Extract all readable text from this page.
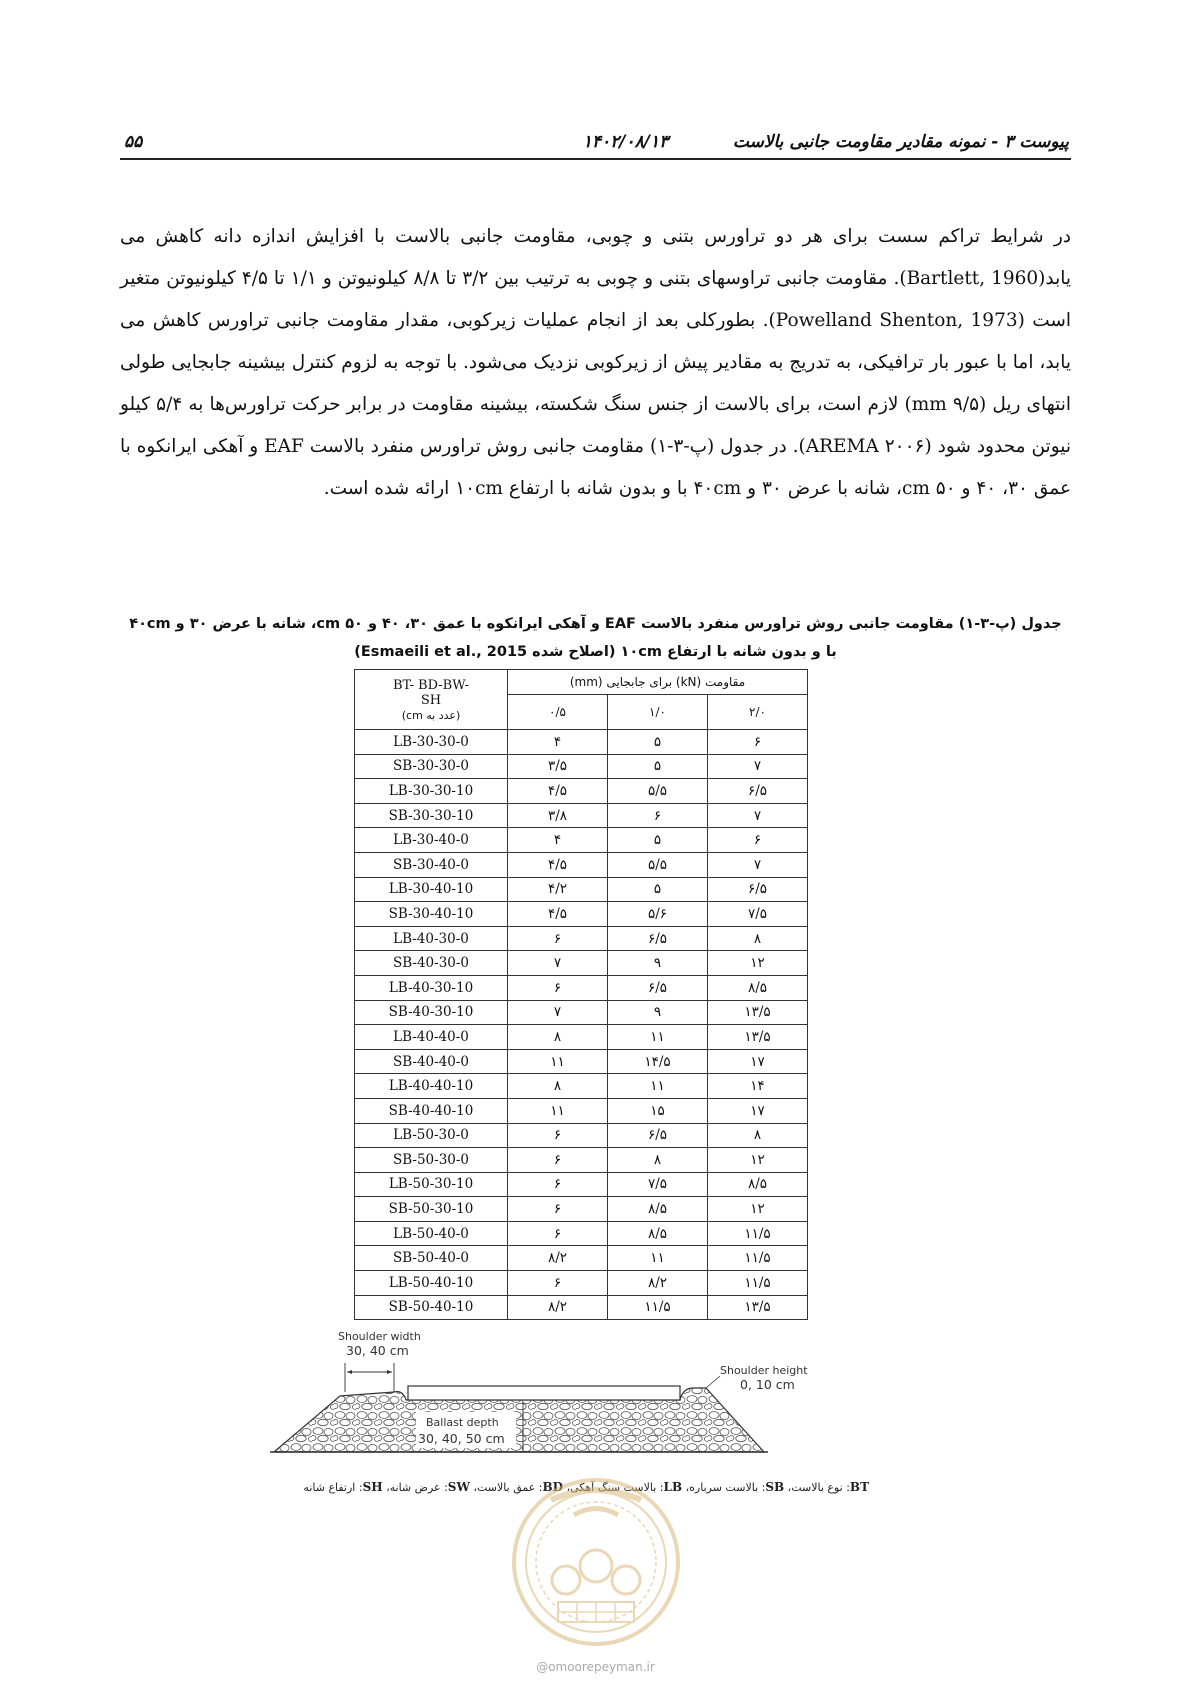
۵۵	۱۴۰۲/۰۸/۱۳	پیوست ۳ - نمونه مقادیر مقاومت جانبی بالاست
در شرایط تراکم سست برای هر دو تراورس بتنی و چوبی، مقاومت جانبی بالاست با افزایش اندازه دانه کاهش می یابد(Bartlett, 1960). مقاومت جانبی تراوسهای بتنی و چوبی به ترتیب بین ۳/۲ تا ۸/۸ کیلونیوتن و ۱/۱ تا ۴/۵ کیلونیوتن متغیر است (Powelland Shenton, 1973). بطورکلی بعد از انجام عملیات زیرکوبی، مقدار مقاومت جانبی تراورس کاهش می یابد، اما با عبور بار ترافیکی، به تدریج به مقادیر پیش از زیرکوبی نزدیک می‌شود. با توجه به لزوم کنترل بیشینه جابجایی طولی انتهای ریل (۹/۵ mm) لازم است، برای بالاست از جنس سنگ شکسته، بیشینه مقاومت در برابر حرکت تراورس‌ها به ۵/۴ کیلو نیوتن محدود شود (AREMA ۲۰۰۶). در جدول (پ-۳-۱) مقاومت جانبی روش تراورس منفرد بالاست EAF و آهکی ایرانکوه با عمق ۳۰، ۴۰ و ۵۰ cm، شانه با عرض ۳۰ و ۴۰cm با و بدون شانه با ارتفاع ۱۰cm ارائه شده است.
جدول (پ-۳-۱) مقاومت جانبی روش تراورس منفرد بالاست EAF و آهکی ایرانکوه با عمق ۳۰، ۴۰ و ۵۰ cm، شانه با عرض ۳۰ و ۴۰cm
با و بدون شانه با ارتفاع ۱۰cm (اصلاح شده Esmaeili et al., 2015)
BT- BD-BW-
SH
(عدد به cm)	مقاومت (kN) برای جابجایی (mm)		
	۰/۵	۱/۰	۲/۰
LB-30-30-0	۴	۵	۶
SB-30-30-0	۳/۵	۵	۷
LB-30-30-10	۴/۵	۵/۵	۶/۵
SB-30-30-10	۳/۸	۶	۷
LB-30-40-0	۴	۵	۶
SB-30-40-0	۴/۵	۵/۵	۷
LB-30-40-10	۴/۲	۵	۶/۵
SB-30-40-10	۴/۵	۵/۶	۷/۵
LB-40-30-0	۶	۶/۵	۸
SB-40-30-0	۷	۹	۱۲
LB-40-30-10	۶	۶/۵	۸/۵
SB-40-30-10	۷	۹	۱۳/۵
LB-40-40-0	۸	۱۱	۱۳/۵
SB-40-40-0	۱۱	۱۴/۵	۱۷
LB-40-40-10	۸	۱۱	۱۴
SB-40-40-10	۱۱	۱۵	۱۷
LB-50-30-0	۶	۶/۵	۸
SB-50-30-0	۶	۸	۱۲
LB-50-30-10	۶	۷/۵	۸/۵
SB-50-30-10	۶	۸/۵	۱۲
LB-50-40-0	۶	۸/۵	۱۱/۵
SB-50-40-0	۸/۲	۱۱	۱۱/۵
LB-50-40-10	۶	۸/۲	۱۱/۵
SB-50-40-10	۸/۲	۱۱/۵	۱۳/۵
Shoulder width
30, 40 cm
Ballast depth
30, 40, 50 cm
Shoulder height
0, 10 cm
BT: نوع بالاست، SB: بالاست سرباره، LB: بالاست سنگ آهکی، BD: عمق بالاست، SW: عرض شانه، SH: ارتفاع شانه
@omoorepeyman.ir
